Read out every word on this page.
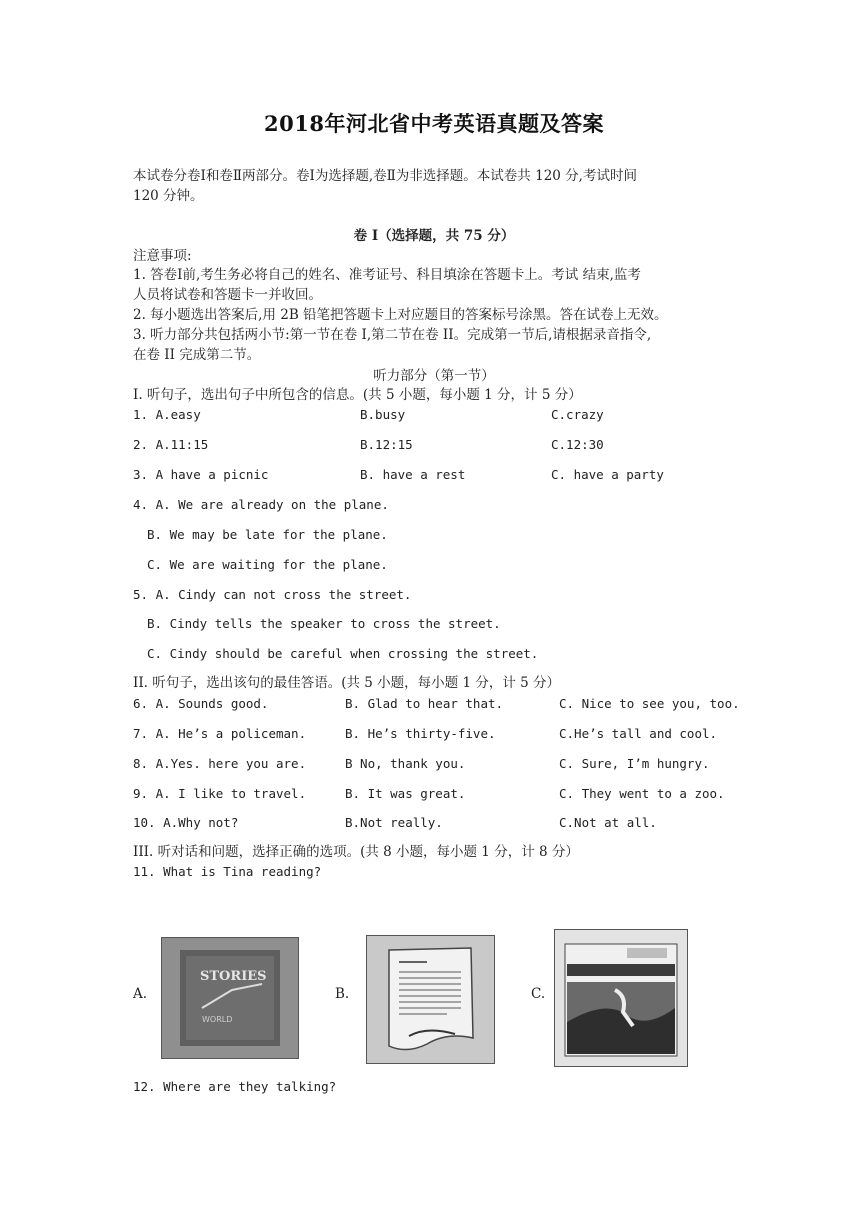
2018年河北省中考英语真题及答案
本试卷分卷Ⅰ和卷Ⅱ两部分。卷Ⅰ为选择题,卷Ⅱ为非选择题。本试卷共 120 分,考试时间
120 分钟。
卷 I（选择题，共 75 分）
注意事项:
1. 答卷Ⅰ前,考生务必将自己的姓名、准考证号、科目填涂在答题卡上。考试 结束,监考
人员将试卷和答题卡一并收回。
2. 每小题选出答案后,用 2B 铅笔把答题卡上对应题目的答案标号涂黑。答在试卷上无效。
3. 听力部分共包括两小节:第一节在卷 I,第二节在卷 II。完成第一节后,请根据录音指令,
在卷 II 完成第二节。
听力部分（第一节）
I. 听句子，选出句子中所包含的信息。(共 5 小题，每小题 1 分，计 5 分）
1. A.easy	B.busy	C.crazy
2. A.11:15	B.12:15	C.12:30
3. A have a picnic	B. have a rest	C. have a party
4. A. We are already on the plane.
B. We may be late for the plane.
C. We are waiting for the plane.
5. A. Cindy can not cross the street.
B. Cindy tells the speaker to cross the street.
C. Cindy should be careful when crossing the street.
II. 听句子，选出该句的最佳答语。(共 5 小题，每小题 1 分，计 5 分）
6. A. Sounds good.	B. Glad to hear that.	C. Nice to see you, too.
7. A. He’s a policeman.	B. He’s thirty-five.	C.He’s tall and cool.
8. A.Yes. here you are.	B No, thank you.	C. Sure, I’m hungry.
9. A. I like to travel.	B. It was great.	C. They went to a zoo.
10. A.Why not?	B.Not really.	C.Not at all.
III. 听对话和问题，选择正确的选项。(共 8 小题，每小题 1 分，计 8 分）
11. What is Tina reading?
A.
STORIES
WORLD
B.	C.
12. Where are they talking?
